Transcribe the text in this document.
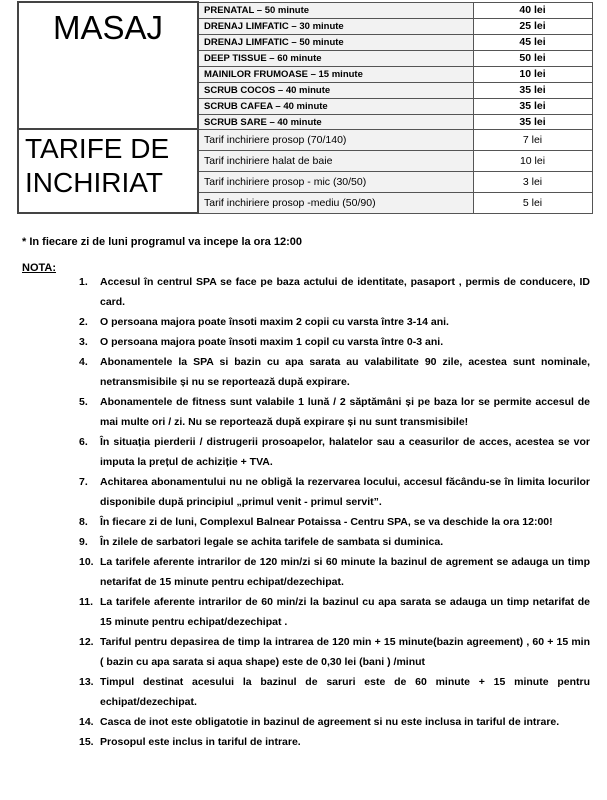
MASAJ	PRENATAL – 50 minute	40 lei
	DRENAJ LIMFATIC – 30 minute	25 lei
	DRENAJ LIMFATIC – 50 minute	45 lei
	DEEP TISSUE – 60 minute	50 lei
	MAINILOR FRUMOASE – 15 minute	10 lei
	SCRUB COCOS – 40 minute	35 lei
	SCRUB CAFEA – 40 minute	35 lei
	SCRUB SARE – 40 minute	35 lei
TARIFE DE
INCHIRIAT	Tarif inchiriere prosop (70/140)	7 lei
	Tarif inchiriere halat de baie	10 lei
	Tarif inchiriere prosop - mic (30/50)	3 lei
	Tarif inchiriere prosop -mediu (50/90)	5 lei
* In fiecare zi de luni programul va incepe la ora 12:00
NOTA:
1. Accesul în centrul SPA se face pe baza actului de identitate, pasaport , permis de conducere, ID card.
2. O persoana majora poate însoti maxim 2 copii cu varsta între 3-14 ani.
3. O persoana majora poate însoti maxim 1 copil cu varsta între 0-3 ani.
4. Abonamentele la SPA si bazin cu apa sarata au valabilitate 90 zile, acestea sunt nominale, netransmisibile și nu se reportează după expirare.
5. Abonamentele de fitness sunt valabile 1 lună / 2 săptămâni și pe baza lor se permite accesul de mai multe ori / zi. Nu se reportează după expirare și nu sunt transmisibile!
6. În situația pierderii / distrugerii prosoapelor, halatelor sau a ceasurilor de acces, acestea se vor imputa la prețul de achiziție + TVA.
7. Achitarea abonamentului nu ne obligă la rezervarea locului, accesul făcându-se în limita locurilor disponibile după principiul „primul venit - primul servit”.
8. În fiecare zi de luni, Complexul Balnear Potaissa - Centru SPA, se va deschide la ora 12:00!
9. În zilele de sarbatori legale se achita tarifele de sambata si duminica.
10. La tarifele aferente intrarilor de 120 min/zi si 60 minute la bazinul de agrement se adauga un timp netarifat de 15 minute pentru echipat/dezechipat.
11. La tarifele aferente intrarilor de 60 min/zi la bazinul cu apa sarata se adauga un timp netarifat de 15 minute pentru echipat/dezechipat .
12. Tariful pentru depasirea de timp la intrarea de 120 min + 15 minute(bazin agreement) , 60 + 15 min ( bazin cu apa sarata si aqua shape) este de 0,30 lei (bani ) /minut
13. Timpul destinat acesului la bazinul de saruri este de 60 minute + 15 minute pentru echipat/dezechipat.
14. Casca de inot este obligatotie in bazinul de agreement si nu este inclusa in tariful de intrare.
15. Prosopul este inclus in tariful de intrare.
